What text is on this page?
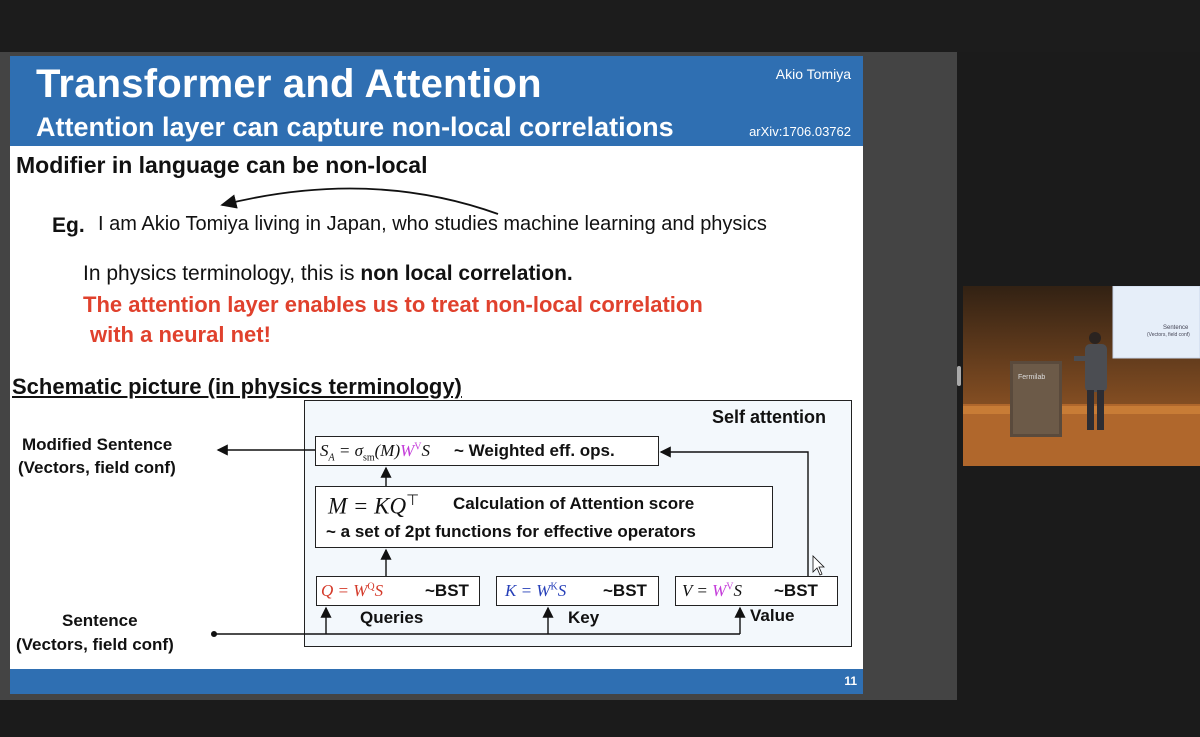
Transformer and Attention	Akio Tomiya
Attention layer can capture non-local correlations	arXiv:1706.03762
Modifier in language can be non-local
Eg. I am Akio Tomiya living in Japan, who studies machine learning and physics
In physics terminology, this is non local correlation.
The attention layer enables us to treat non-local correlation
with a neural net!
Schematic picture (in physics terminology)
Self attention
Modified Sentence
(Vectors, field conf)
Sentence
(Vectors, field conf)
$S_A = \sigma_{sm}(M)W^VS$ ~ Weighted eff. ops.
M = KQ⊤ Calculation of Attention score
~ a set of 2pt functions for effective operators
$Q = W^QS$ ~BST $K = W^KS$ ~BST $V = W^VS$ ~BST
Queries	Key	Value
11
Sentence
(Vectors, field conf)
Fermilab
